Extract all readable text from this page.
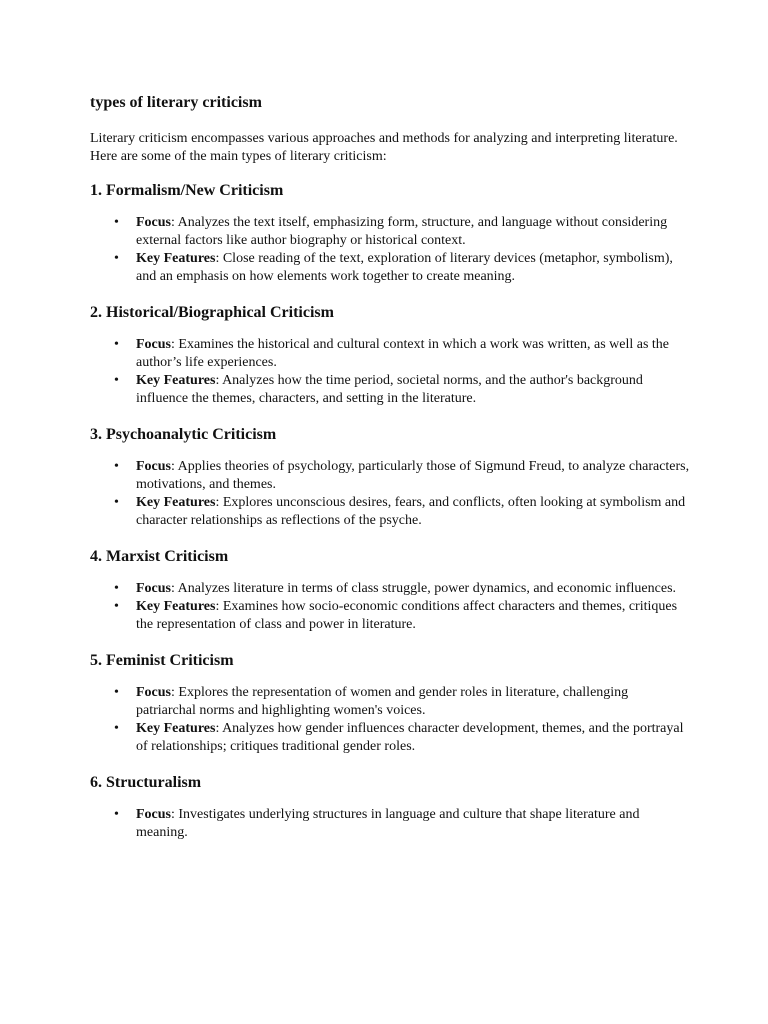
types of literary criticism

Literary criticism encompasses various approaches and methods for analyzing and interpreting literature. Here are some of the main types of literary criticism:

1. Formalism/New Criticism
• Focus: Analyzes the text itself, emphasizing form, structure, and language without considering external factors like author biography or historical context.
• Key Features: Close reading of the text, exploration of literary devices (metaphor, symbolism), and an emphasis on how elements work together to create meaning.
2. Historical/Biographical Criticism
• Focus: Examines the historical and cultural context in which a work was written, as well as the author’s life experiences.
• Key Features: Analyzes how the time period, societal norms, and the author's background influence the themes, characters, and setting in the literature.
3. Psychoanalytic Criticism
• Focus: Applies theories of psychology, particularly those of Sigmund Freud, to analyze characters, motivations, and themes.
• Key Features: Explores unconscious desires, fears, and conflicts, often looking at symbolism and character relationships as reflections of the psyche.
4. Marxist Criticism
• Focus: Analyzes literature in terms of class struggle, power dynamics, and economic influences.
• Key Features: Examines how socio-economic conditions affect characters and themes, critiques the representation of class and power in literature.
5. Feminist Criticism
• Focus: Explores the representation of women and gender roles in literature, challenging patriarchal norms and highlighting women's voices.
• Key Features: Analyzes how gender influences character development, themes, and the portrayal of relationships; critiques traditional gender roles.
6. Structuralism
• Focus: Investigates underlying structures in language and culture that shape literature and meaning.
